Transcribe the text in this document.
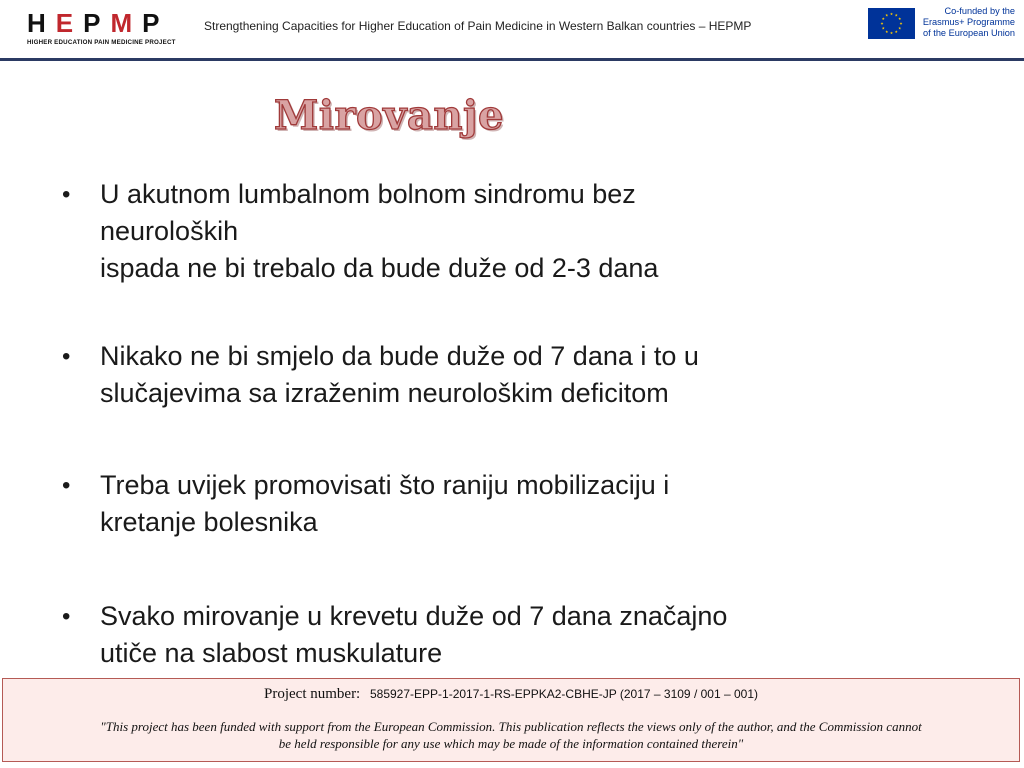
HEPMP
HIGHER EDUCATION PAIN MEDICINE PROJECT
Strengthening Capacities for Higher Education of Pain Medicine in Western Balkan countries – HEPMP
Co-funded by the
Erasmus+ Programme
of the European Union
Mirovanje
• U akutnom lumbalnom bolnom sindromu bez
neuroloških
ispada ne bi trebalo da bude duže od 2-3 dana
• Nikako ne bi smjelo da bude duže od 7 dana i to u
slučajevima sa izraženim neurološkim deficitom
• Treba uvijek promovisati što raniju mobilizaciju i
kretanje bolesnika
• Svako mirovanje u krevetu duže od 7 dana značajno
utiče na slabost muskulature
Project number: 585927-EPP-1-2017-1-RS-EPPKA2-CBHE-JP (2017 – 3109 / 001 – 001)
"This project has been funded with support from the European Commission. This publication reflects the views only of the author, and the Commission cannot
be held responsible for any use which may be made of the information contained therein"
